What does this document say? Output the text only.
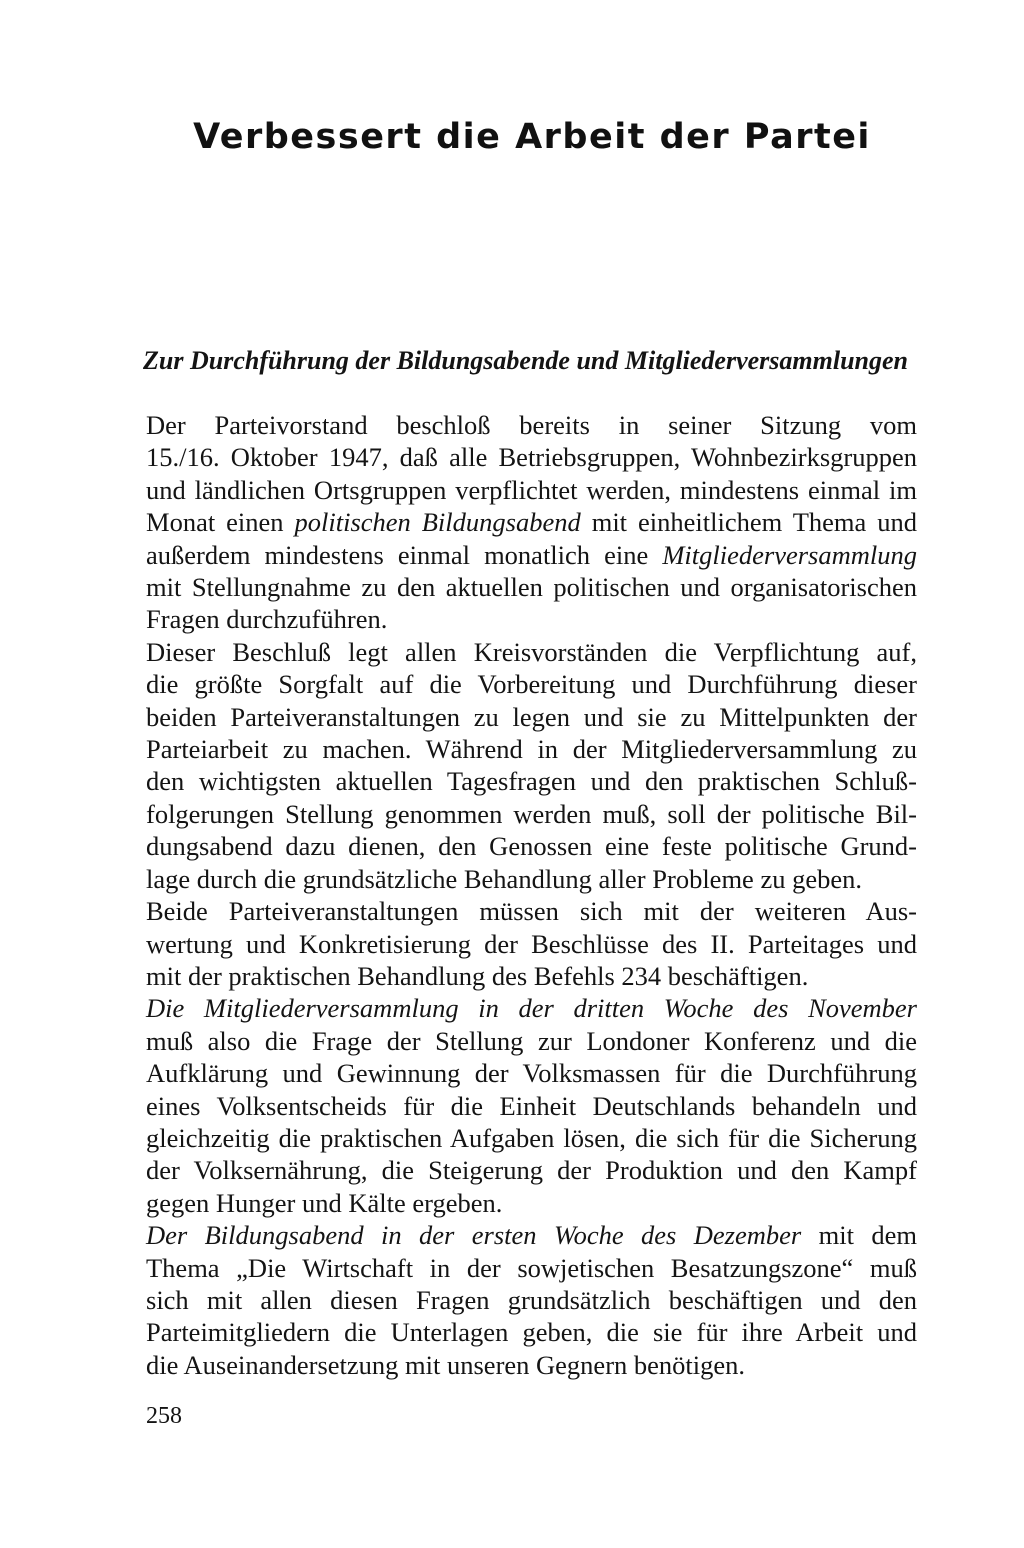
Verbessert die Arbeit der Partei
Zur Durchführung der Bildungsabende und Mitgliederversammlungen

Der Parteivorstand beschloß bereits in seiner Sitzung vom
15./16. Oktober 1947, daß alle Betriebsgruppen, Wohnbezirksgruppen
und ländlichen Ortsgruppen verpflichtet werden, mindestens einmal im
Monat einen politischen Bildungsabend mit einheitlichem Thema und
außerdem mindestens einmal monatlich eine Mitgliederversammlung
mit Stellungnahme zu den aktuellen politischen und organisatorischen
Fragen durchzuführen.

Dieser Beschluß legt allen Kreisvorständen die Verpflichtung auf,
die größte Sorgfalt auf die Vorbereitung und Durchführung dieser
beiden Parteiveranstaltungen zu legen und sie zu Mittelpunkten der
Parteiarbeit zu machen. Während in der Mitgliederversammlung zu
den wichtigsten aktuellen Tagesfragen und den praktischen Schluß-
folgerungen Stellung genommen werden muß, soll der politische Bil-
dungsabend dazu dienen, den Genossen eine feste politische Grund-
lage durch die grundsätzliche Behandlung aller Probleme zu geben.

Beide Parteiveranstaltungen müssen sich mit der weiteren Aus-
wertung und Konkretisierung der Beschlüsse des II. Parteitages und
mit der praktischen Behandlung des Befehls 234 beschäftigen.

Die Mitgliederversammlung in der dritten Woche des November
muß also die Frage der Stellung zur Londoner Konferenz und die
Aufklärung und Gewinnung der Volksmassen für die Durchführung
eines Volksentscheids für die Einheit Deutschlands behandeln und
gleichzeitig die praktischen Aufgaben lösen, die sich für die Sicherung
der Volksernährung, die Steigerung der Produktion und den Kampf
gegen Hunger und Kälte ergeben.

Der Bildungsabend in der ersten Woche des Dezember mit dem
Thema „Die Wirtschaft in der sowjetischen Besatzungszone“ muß
sich mit allen diesen Fragen grundsätzlich beschäftigen und den
Parteimitgliedern die Unterlagen geben, die sie für ihre Arbeit und
die Auseinandersetzung mit unseren Gegnern benötigen.

258
